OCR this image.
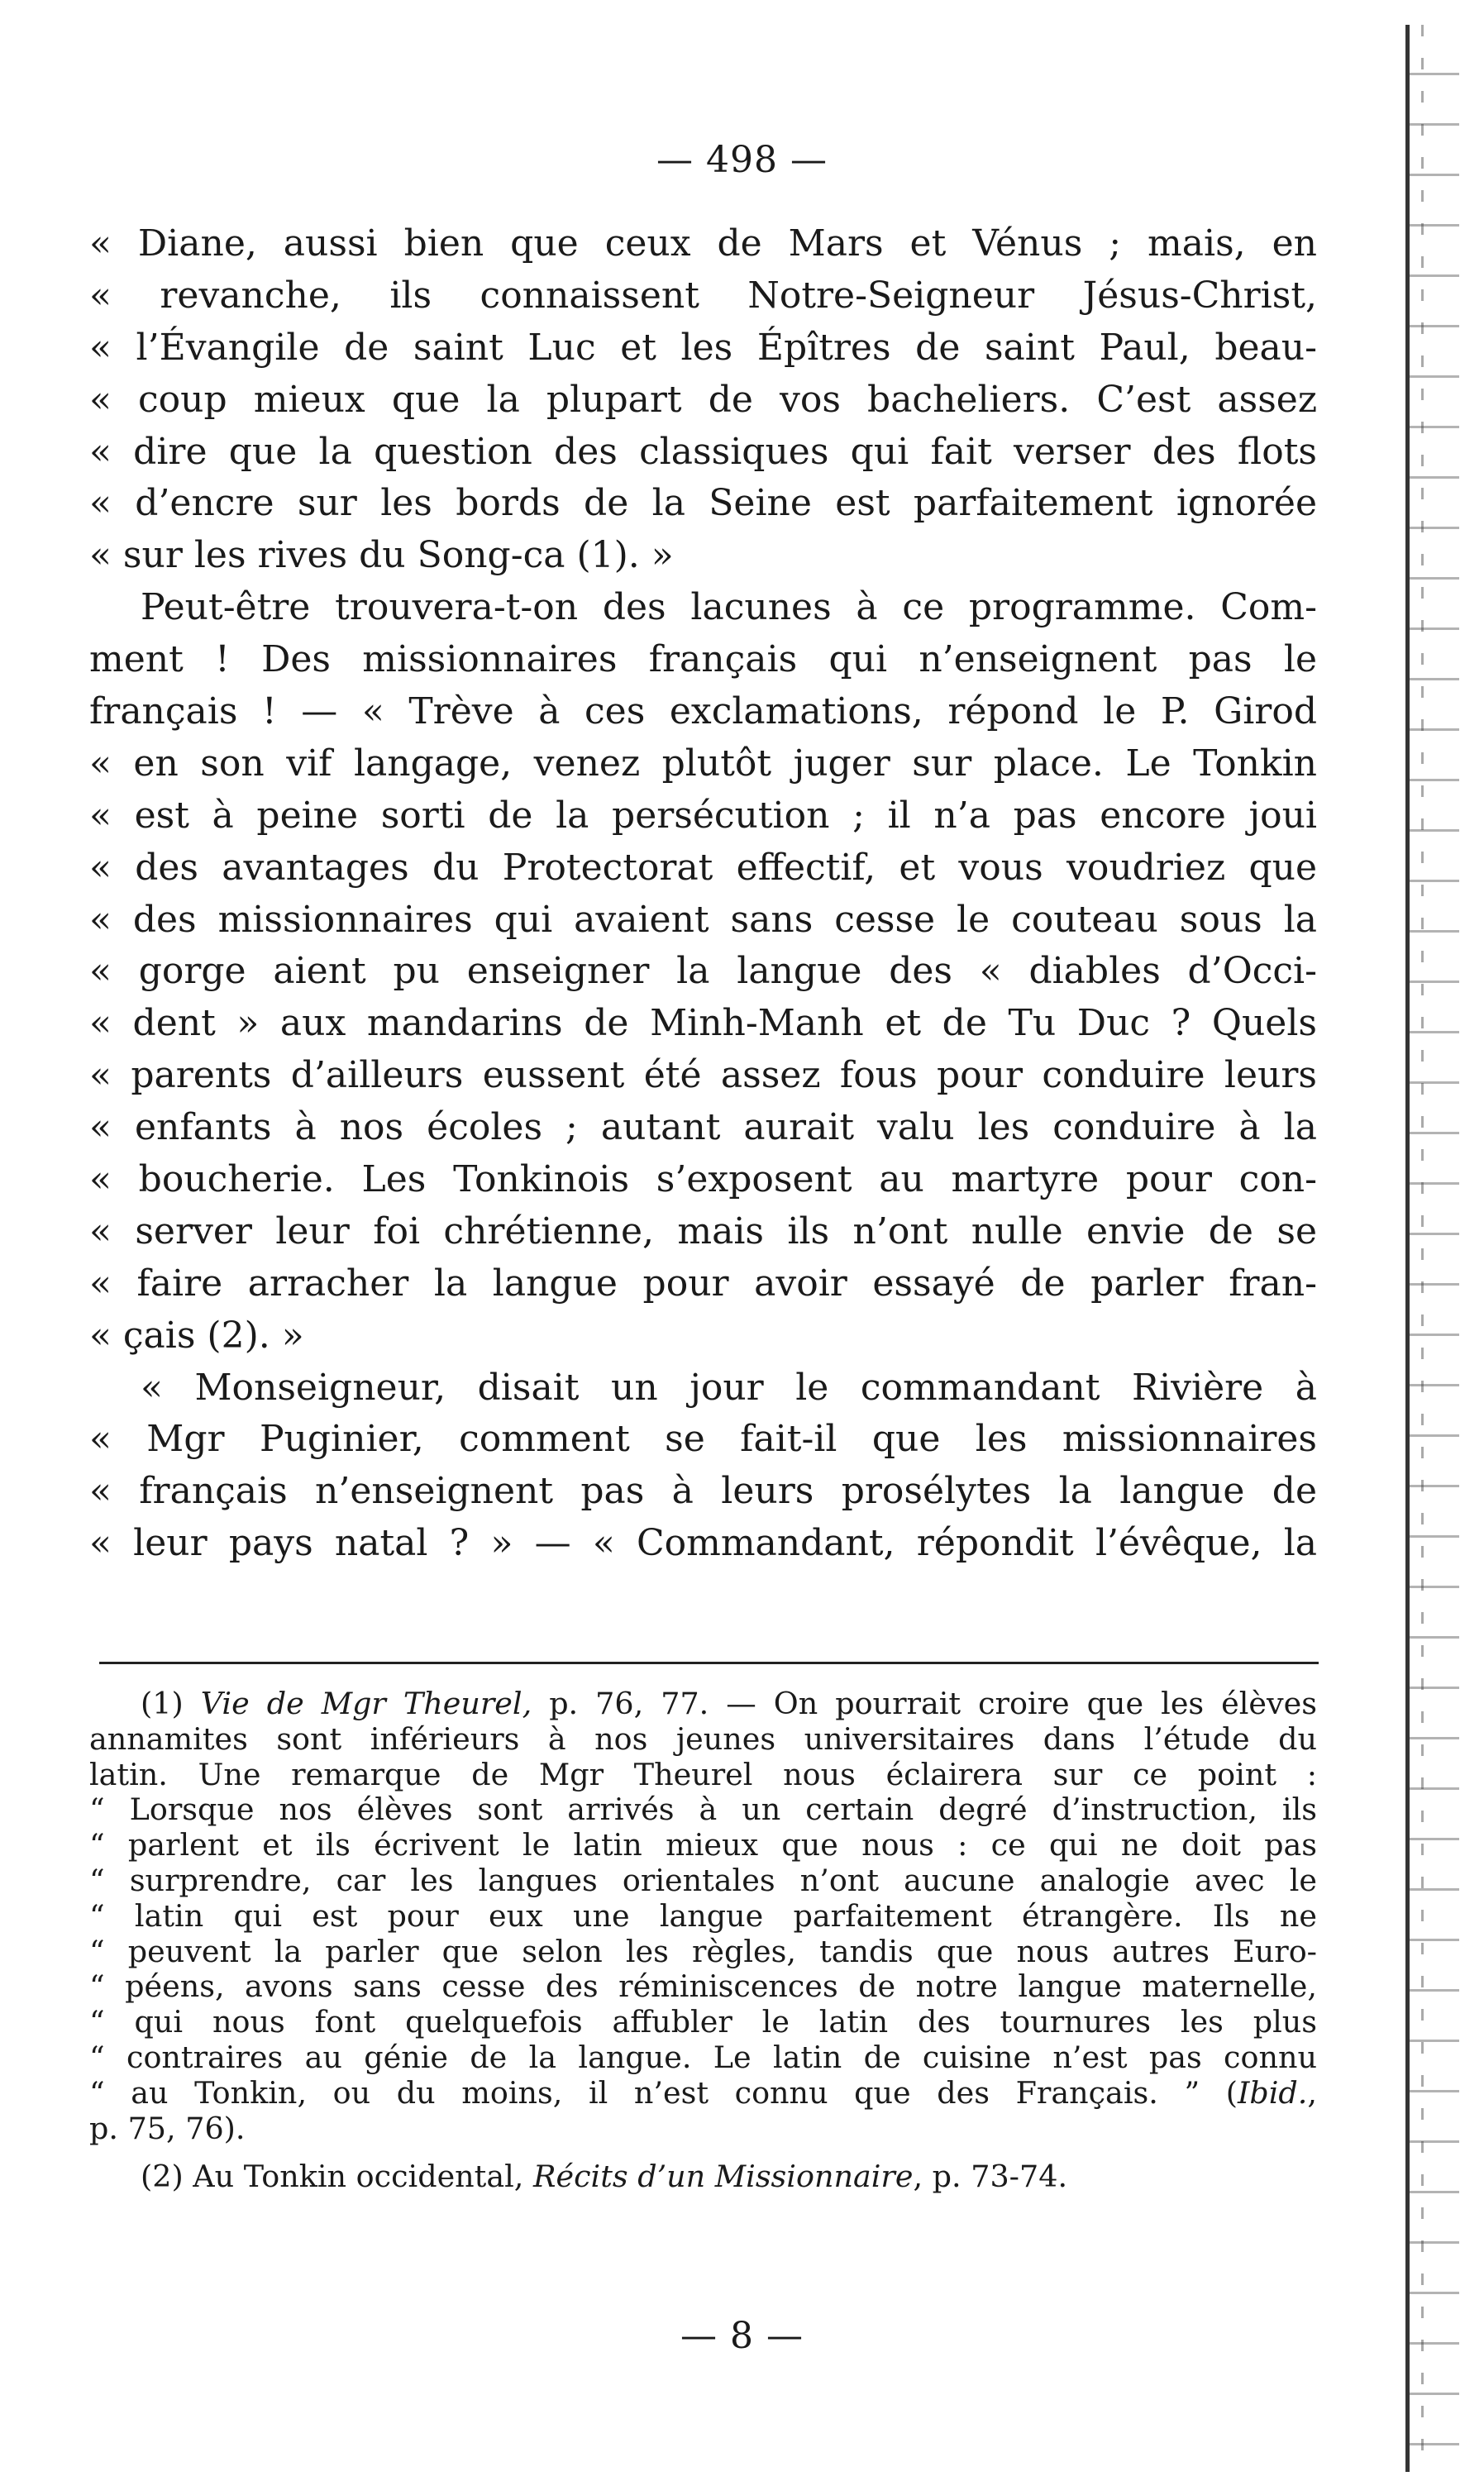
— 498 —
« Diane, aussi bien que ceux de Mars et Vénus ; mais, en
« revanche, ils connaissent Notre-Seigneur Jésus-Christ,
« l’Évangile de saint Luc et les Épîtres de saint Paul, beau-
« coup mieux que la plupart de vos bacheliers. C’est assez
« dire que la question des classiques qui fait verser des flots
« d’encre sur les bords de la Seine est parfaitement ignorée
« sur les rives du Song-ca (1). »
Peut-être trouvera-t-on des lacunes à ce programme. Com-
ment ! Des missionnaires français qui n’enseignent pas le
français ! — « Trève à ces exclamations, répond le P. Girod
« en son vif langage, venez plutôt juger sur place. Le Tonkin
« est à peine sorti de la persécution ; il n’a pas encore joui
« des avantages du Protectorat effectif, et vous voudriez que
« des missionnaires qui avaient sans cesse le couteau sous la
« gorge aient pu enseigner la langue des « diables d’Occi-
« dent » aux mandarins de Minh-Manh et de Tu Duc ? Quels
« parents d’ailleurs eussent été assez fous pour conduire leurs
« enfants à nos écoles ; autant aurait valu les conduire à la
« boucherie. Les Tonkinois s’exposent au martyre pour con-
« server leur foi chrétienne, mais ils n’ont nulle envie de se
« faire arracher la langue pour avoir essayé de parler fran-
« çais (2). »
« Monseigneur, disait un jour le commandant Rivière à
« Mgr Puginier, comment se fait-il que les missionnaires
« français n’enseignent pas à leurs prosélytes la langue de
« leur pays natal ? » — « Commandant, répondit l’évêque, la
(1) Vie de Mgr Theurel, p. 76, 77. — On pourrait croire que les élèves
annamites sont inférieurs à nos jeunes universitaires dans l’étude du
latin. Une remarque de Mgr Theurel nous éclairera sur ce point :
“ Lorsque nos élèves sont arrivés à un certain degré d’instruction, ils
“ parlent et ils écrivent le latin mieux que nous : ce qui ne doit pas
“ surprendre, car les langues orientales n’ont aucune analogie avec le
“ latin qui est pour eux une langue parfaitement étrangère. Ils ne
“ peuvent la parler que selon les règles, tandis que nous autres Euro-
“ péens, avons sans cesse des réminiscences de notre langue maternelle,
“ qui nous font quelquefois affubler le latin des tournures les plus
“ contraires au génie de la langue. Le latin de cuisine n’est pas connu
“ au Tonkin, ou du moins, il n’est connu que des Français. ” (Ibid.,
p. 75, 76).
(2) Au Tonkin occidental, Récits d’un Missionnaire, p. 73-74.
— 8 —
